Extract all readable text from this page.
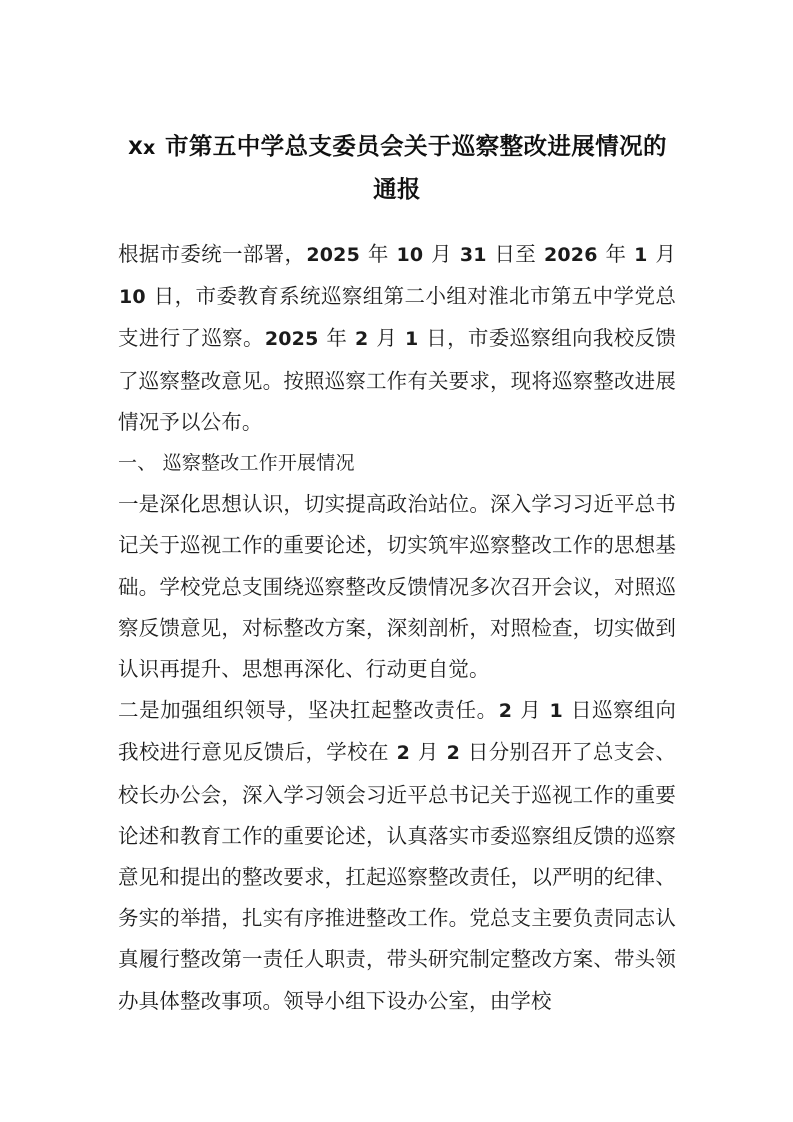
Xx 市第五中学总支委员会关于巡察整改进展情况的
通报

根据市委统一部署，2025 年 10 月 31 日至 2026 年 1 月 10 日，市委教育系统巡察组第二小组对淮北市第五中学党总支进行了巡察。2025 年 2 月 1 日，市委巡察组向我校反馈了巡察整改意见。按照巡察工作有关要求，现将巡察整改进展情况予以公布。

一、 巡察整改工作开展情况

一是深化思想认识，切实提高政治站位。深入学习习近平总书记关于巡视工作的重要论述，切实筑牢巡察整改工作的思想基础。学校党总支围绕巡察整改反馈情况多次召开会议，对照巡察反馈意见，对标整改方案，深刻剖析，对照检查，切实做到认识再提升、思想再深化、行动更自觉。

二是加强组织领导，坚决扛起整改责任。2 月 1 日巡察组向我校进行意见反馈后，学校在 2 月 2 日分别召开了总支会、校长办公会，深入学习领会习近平总书记关于巡视工作的重要论述和教育工作的重要论述，认真落实市委巡察组反馈的巡察意见和提出的整改要求，扛起巡察整改责任，以严明的纪律、务实的举措，扎实有序推进整改工作。党总支主要负责同志认真履行整改第一责任人职责，带头研究制定整改方案、带头领办具体整改事项。领导小组下设办公室，由学校
